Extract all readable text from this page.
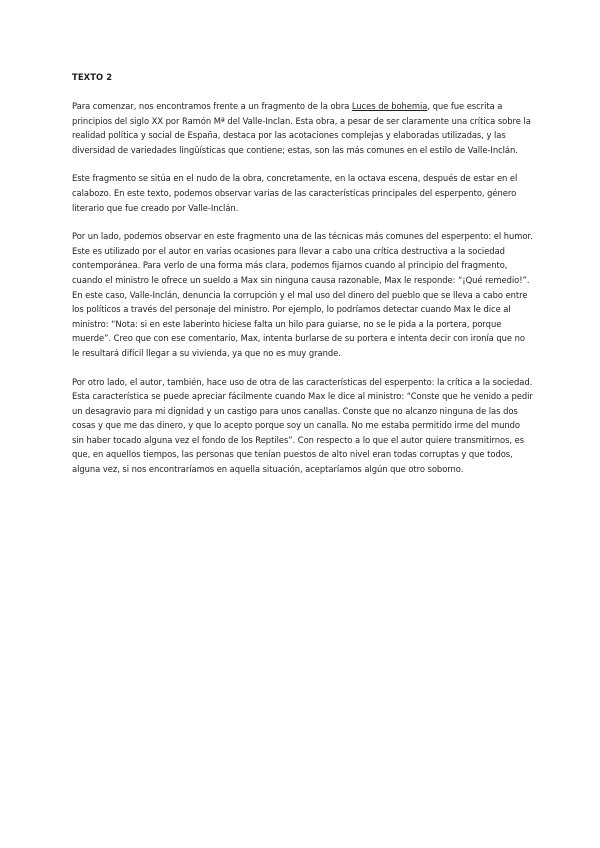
TEXTO 2

Para comenzar, nos encontramos frente a un fragmento de la obra Luces de bohemia, que fue escrita a principios del siglo XX por Ramón Mª del Valle-Inclan. Esta obra, a pesar de ser claramente una crítica sobre la realidad política y social de España, destaca por las acotaciones complejas y elaboradas utilizadas, y las diversidad de variedades lingüísticas que contiene; estas, son las más comunes en el estilo de Valle-Inclán.

Este fragmento se sitúa en el nudo de la obra, concretamente, en la octava escena, después de estar en el calabozo. En este texto, podemos observar varias de las características principales del esperpento, género literario que fue creado por Valle-Inclán.

Por un lado, podemos observar en este fragmento una de las técnicas más comunes del esperpento: el humor. Este es utilizado por el autor en varias ocasiones para llevar a cabo una crítica destructiva a la sociedad contemporánea. Para verlo de una forma más clara, podemos fijarnos cuando al principio del fragmento, cuando el ministro le ofrece un sueldo a Max sin ninguna causa razonable, Max le responde: “¡Qué remedio!”. En este caso, Valle-Inclán, denuncia la corrupción y el mal uso del dinero del pueblo que se lleva a cabo entre los políticos a través del personaje del ministro. Por ejemplo, lo podríamos detectar cuando Max le dice al ministro: “Nota: si en este laberinto hiciese falta un hilo para guiarse, no se le pida a la portera, porque muerde”. Creo que con ese comentario, Max, intenta burlarse de su portera e intenta decir con ironía que no le resultará difícil llegar a su vivienda, ya que no es muy grande.

Por otro lado, el autor, también, hace uso de otra de las características del esperpento: la crítica a la sociedad. Esta característica se puede apreciar fácilmente cuando Max le dice al ministro: “Conste que he venido a pedir un desagravio para mi dignidad y un castigo para unos canallas. Conste que no alcanzo ninguna de las dos cosas y que me das dinero, y que lo acepto porque soy un canalla. No me estaba permitido irme del mundo sin haber tocado alguna vez el fondo de los Reptiles”. Con respecto a lo que el autor quiere transmitirnos, es que, en aquellos tiempos, las personas que tenían puestos de alto nivel eran todas corruptas y que todos, alguna vez, si nos encontraríamos en aquella situación, aceptaríamos algún que otro soborno.
